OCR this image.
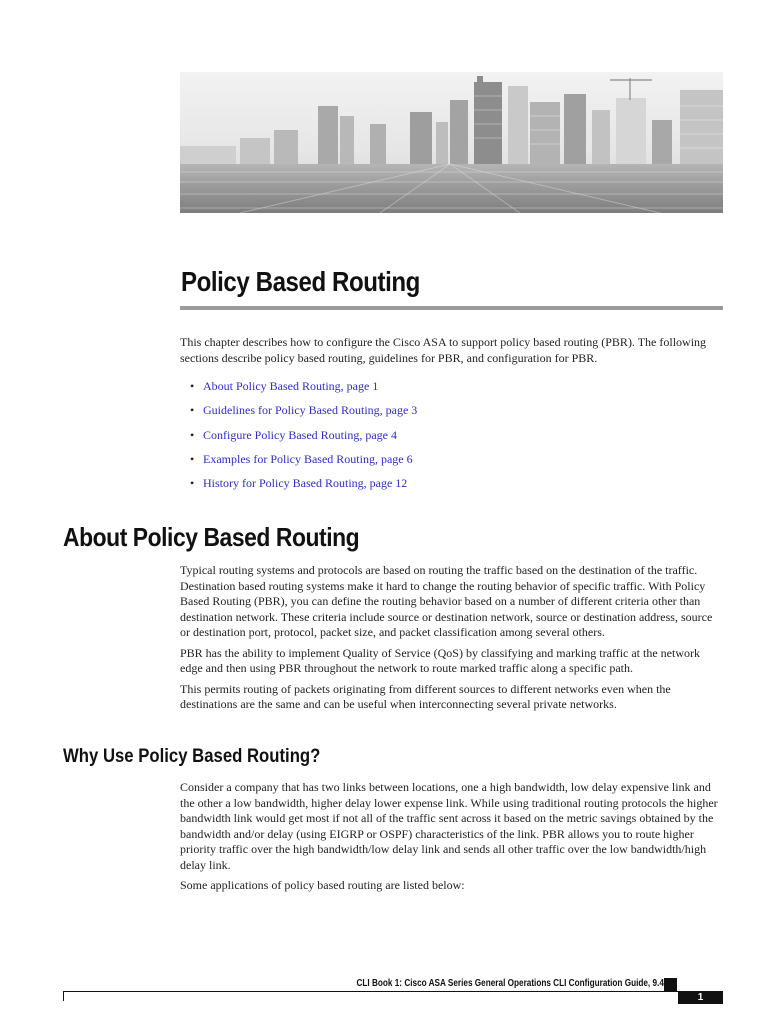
Policy Based Routing

This chapter describes how to configure the Cisco ASA to support policy based routing (PBR). The following sections describe policy based routing, guidelines for PBR, and configuration for PBR.

• About Policy Based Routing, page 1
• Guidelines for Policy Based Routing, page 3
• Configure Policy Based Routing, page 4
• Examples for Policy Based Routing, page 6
• History for Policy Based Routing, page 12
About Policy Based Routing

Typical routing systems and protocols are based on routing the traffic based on the destination of the traffic. Destination based routing systems make it hard to change the routing behavior of specific traffic. With Policy Based Routing (PBR), you can define the routing behavior based on a number of different criteria other than destination network. These criteria include source or destination network, source or destination address, source or destination port, protocol, packet size, and packet classification among several others.

PBR has the ability to implement Quality of Service (QoS) by classifying and marking traffic at the network edge and then using PBR throughout the network to route marked traffic along a specific path.

This permits routing of packets originating from different sources to different networks even when the destinations are the same and can be useful when interconnecting several private networks.

Why Use Policy Based Routing?

Consider a company that has two links between locations, one a high bandwidth, low delay expensive link and the other a low bandwidth, higher delay lower expense link. While using traditional routing protocols the higher bandwidth link would get most if not all of the traffic sent across it based on the metric savings obtained by the bandwidth and/or delay (using EIGRP or OSPF) characteristics of the link. PBR allows you to route higher priority traffic over the high bandwidth/low delay link and sends all other traffic over the low bandwidth/high delay link.

Some applications of policy based routing are listed below:

CLI Book 1: Cisco ASA Series General Operations CLI Configuration Guide, 9.4
1
